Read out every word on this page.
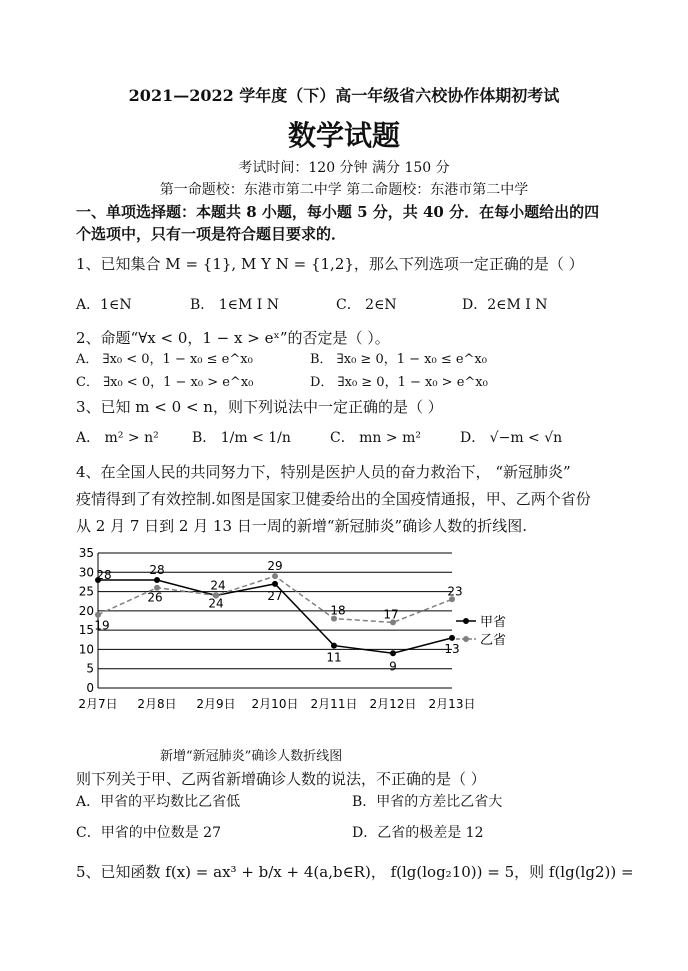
2021—2022 学年度（下）高一年级省六校协作体期初考试
数学试题
考试时间：120 分钟 满分 150 分
第一命题校：东港市第二中学 第二命题校：东港市第二中学
一、单项选择题：本题共 8 小题，每小题 5 分，共 40 分．在每小题给出的四
个选项中，只有一项是符合题目要求的．
1、已知集合 M = {1}, M Y N = {1,2}，那么下列选项一定正确的是（ ）
A．1∈N	B． 1∈M I N	C． 2∈N	D．2∈M I N
2、命题“∀x < 0，1 − x > eˣ”的否定是（ ）。
A． ∃x₀ < 0，1 − x₀ ≤ e^x₀	B． ∃x₀ ≥ 0，1 − x₀ ≤ e^x₀
C． ∃x₀ < 0，1 − x₀ > e^x₀	D． ∃x₀ ≥ 0，1 − x₀ > e^x₀
3、已知 m < 0 < n，则下列说法中一定正确的是（ ）
A． m² > n² B． 1/m < 1/n	C． mn > m²	D． √−m < √n
4、在全国人民的共同努力下，特别是医护人员的奋力救治下， “新冠肺炎”
疫情得到了有效控制.如图是国家卫健委给出的全国疫情通报，甲、乙两个省份
从 2 月 7 日到 2 月 13 日一周的新增“新冠肺炎”确诊人数的折线图.
0
5
10
15
20
25
30
35
2月7日 2月8日 2月9日 2月10日 2月11日 2月12日 2月13日
28	28
24
27
11
9
13
19
26	24
29
18	17
23
甲省
乙省
新增“新冠肺炎”确诊人数折线图
则下列关于甲、乙两省新增确诊人数的说法，不正确的是（ ）
A．甲省的平均数比乙省低	B．甲省的方差比乙省大
C．甲省的中位数是 27	D．乙省的极差是 12
5、已知函数 f(x) = ax³ + b/x + 4(a,b∈R)， f(lg(log₂10)) = 5，则 f(lg(lg2)) =
